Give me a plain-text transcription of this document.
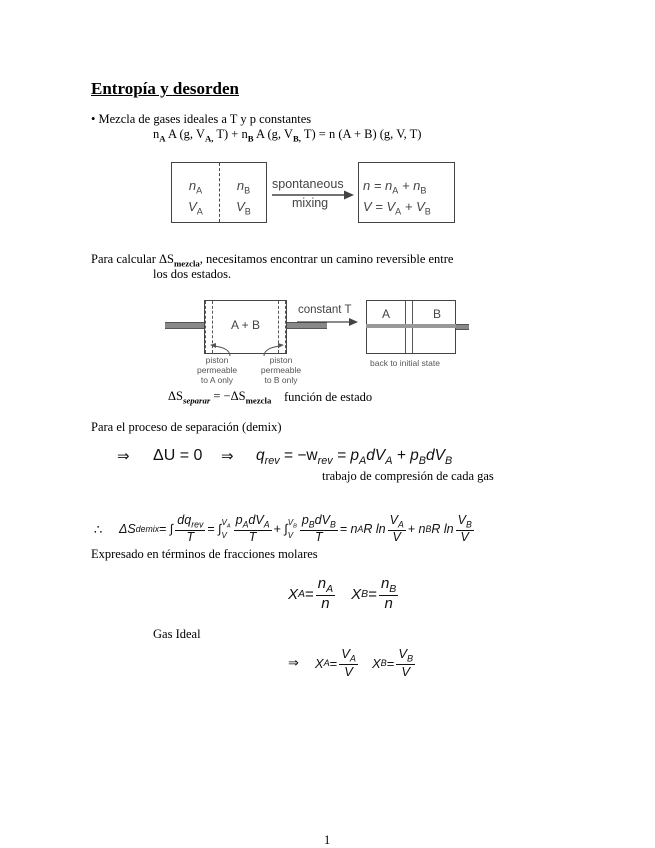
Entropía y desorden
• Mezcla de gases ideales a T y p constantes
$n_A$ A (g, $V_{A,}$ $T) + n_B$ A (g, $V_{B,}$ T) = n (A + B) (g, V, T)
$n_A$
$V_A$
$n_B$
$V_B$
spontaneous
mixing
$n = n_A + n_B$
$V = V_A + V_B$
Para calcular $\Delta S_{mezcla}$, necesitamos encontrar un camino reversible entre
los dos estados.
A + B
constant T	A	B
piston
permeable
to A only
piston
permeable
to B only
back to initial state
$\Delta S_{separar} = -\Delta S_{mezcla}$ función de estado
Para el proceso de separación (demix)
⇒ ΔU = 0 ⇒ $q_{rev} = -w_{rev} = p_AdV_A + p_BdV_B$
trabajo de compresión de cada gas
∴ ΔS demix = ∫ $\frac{dq_{rev}}{T}$ = ∫ $V_A$
V $\frac{p_AdV_A}{T}$ + ∫ $V_B$
V $\frac{p_BdV_B}{T} = n$ A R $\ln \frac{V_A}{V} + n$ B R $\ln \frac{V_B}{V}$
Expresado en términos de fracciones molares
X $A = \frac{n_A}{n}$ X $B = \frac{n_B}{n}$
Gas Ideal
⇒ X $A = \frac{V_A}{V}$ X $B = \frac{V_B}{V}$
1
